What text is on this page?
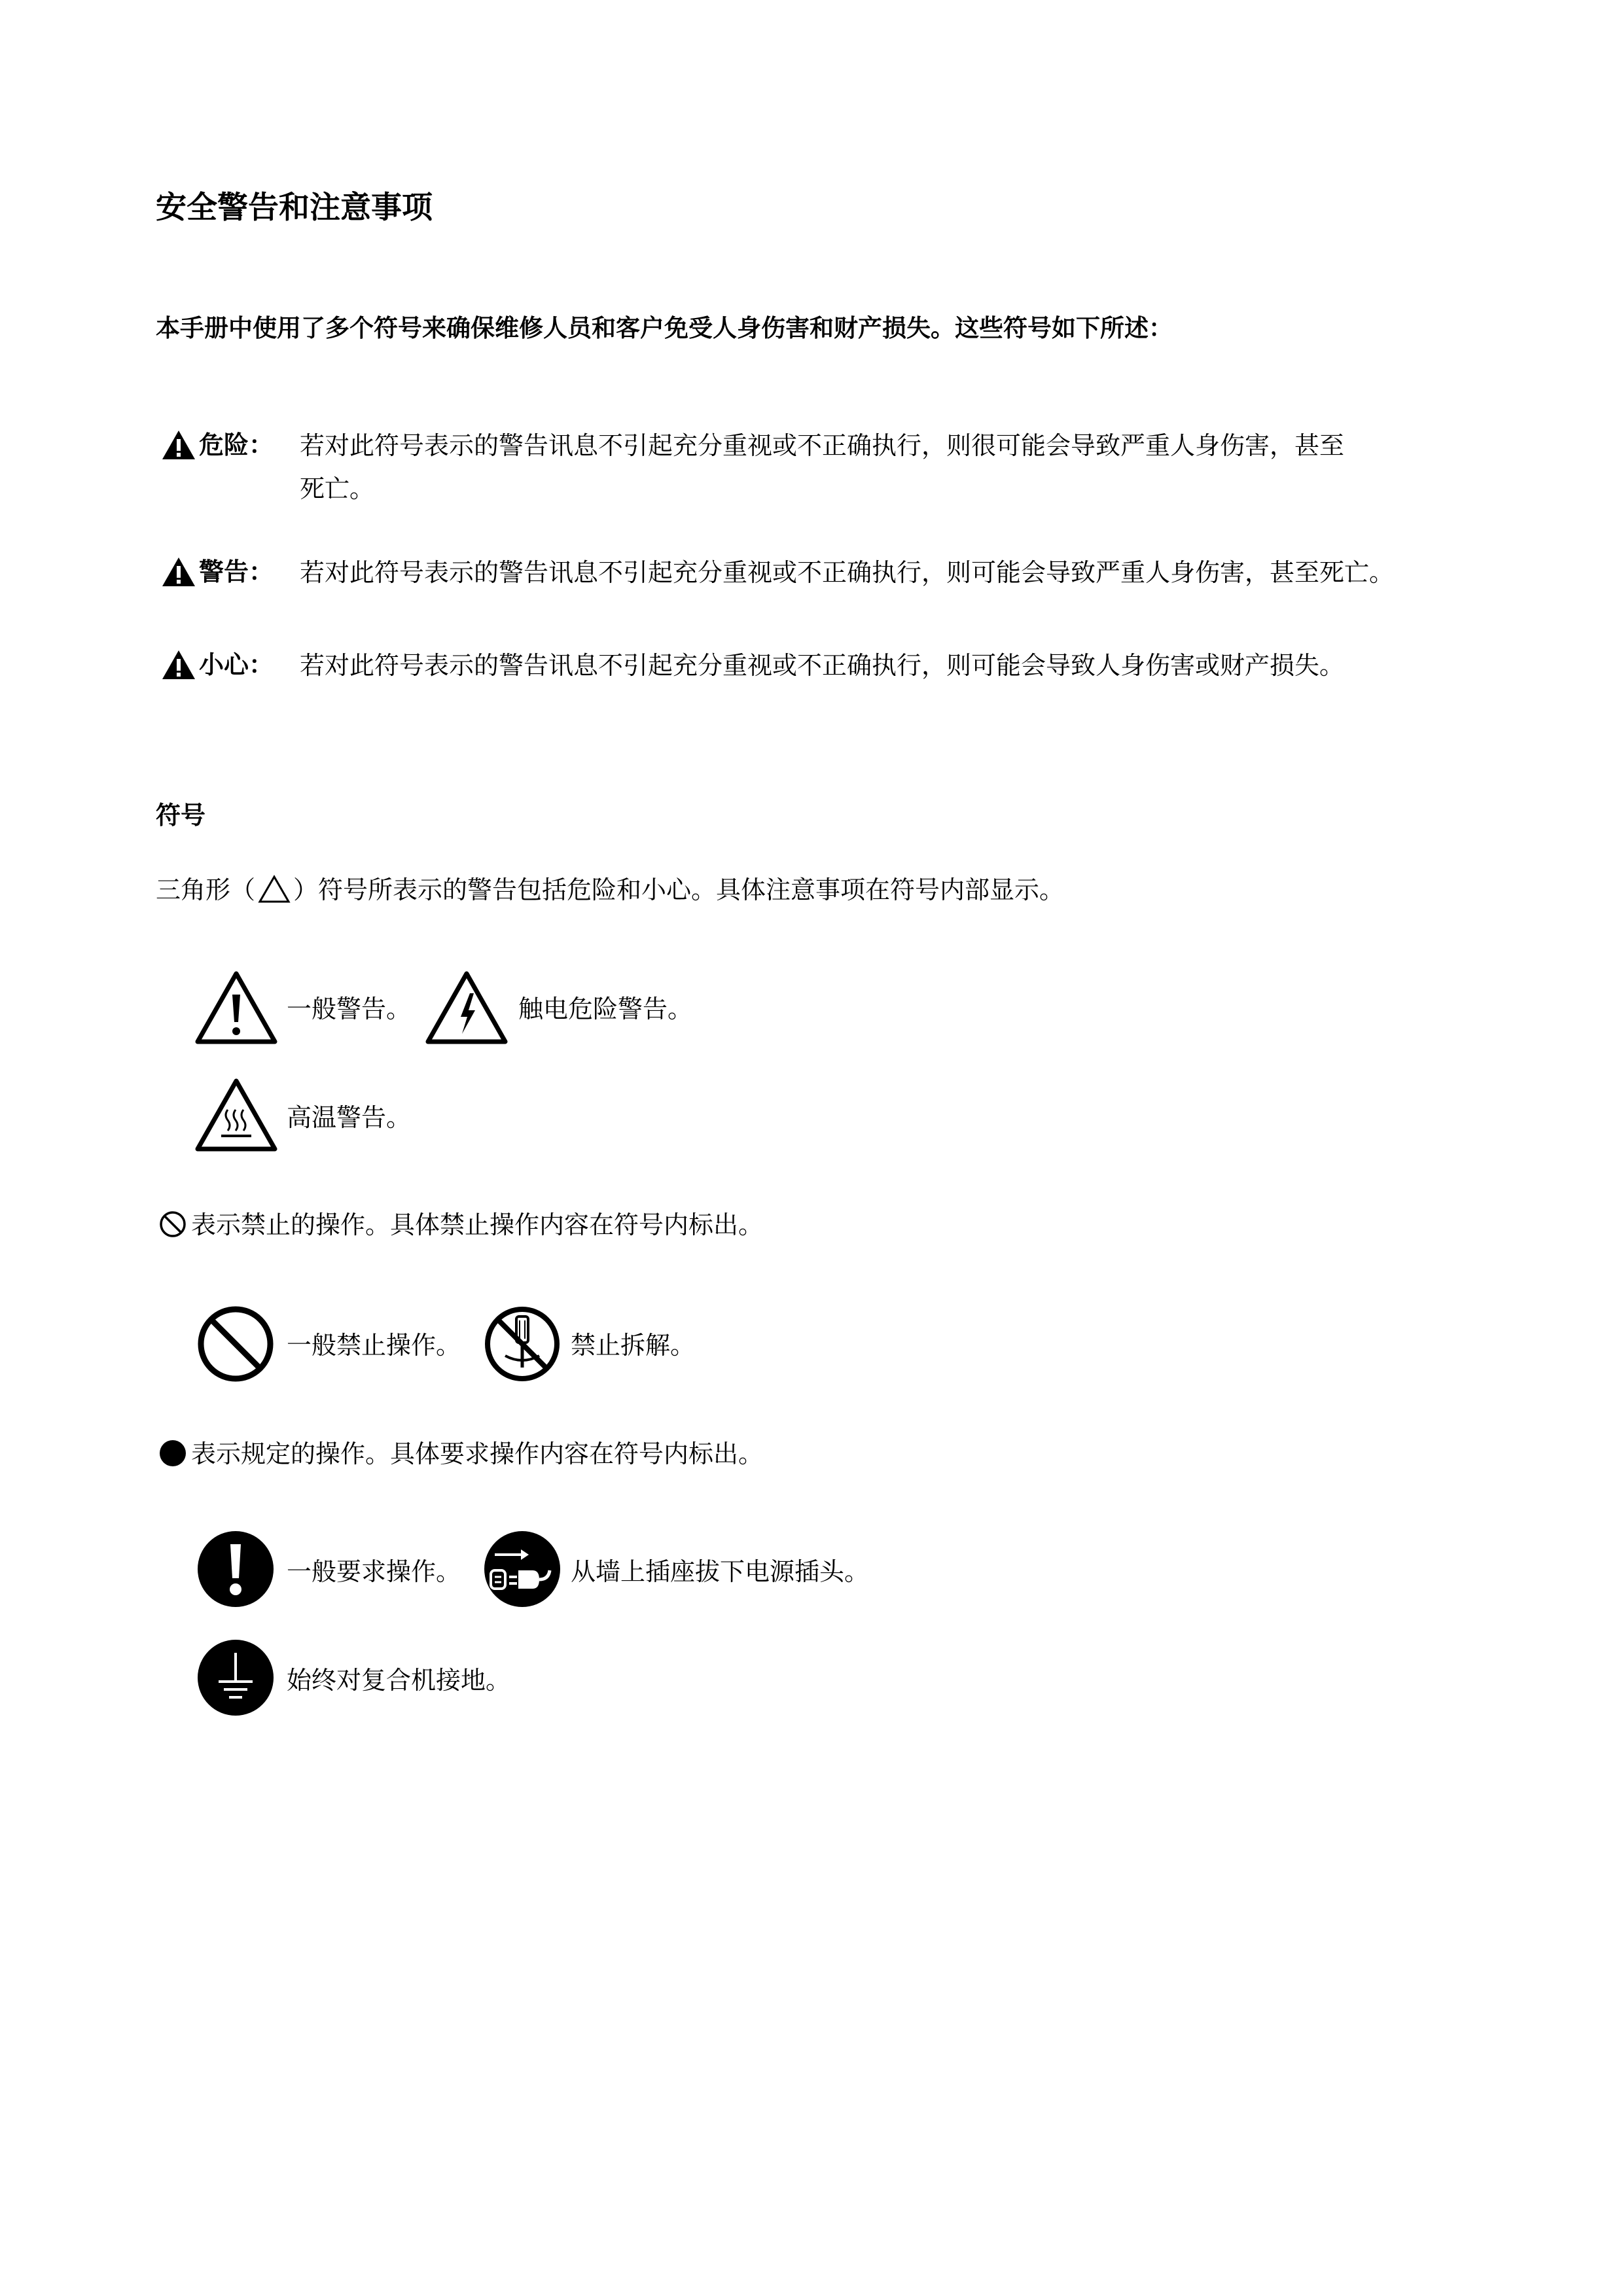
安全警告和注意事项
本手册中使用了多个符号来确保维修人员和客户免受人身伤害和财产损失。这些符号如下所述：
危险： 若对此符号表示的警告讯息不引起充分重视或不正确执行，则很可能会导致严重人身伤害，甚至
死亡。
警告： 若对此符号表示的警告讯息不引起充分重视或不正确执行，则可能会导致严重人身伤害，甚至死亡。
小心： 若对此符号表示的警告讯息不引起充分重视或不正确执行，则可能会导致人身伤害或财产损失。
符号
三角形（ ）符号所表示的警告包括危险和小心。具体注意事项在符号内部显示。
一般警告。	触电危险警告。
高温警告。
表示禁止的操作。具体禁止操作内容在符号内标出。
一般禁止操作。	禁止拆解。
表示规定的操作。具体要求操作内容在符号内标出。
一般要求操作。	从墙上插座拔下电源插头。
始终对复合机接地。
